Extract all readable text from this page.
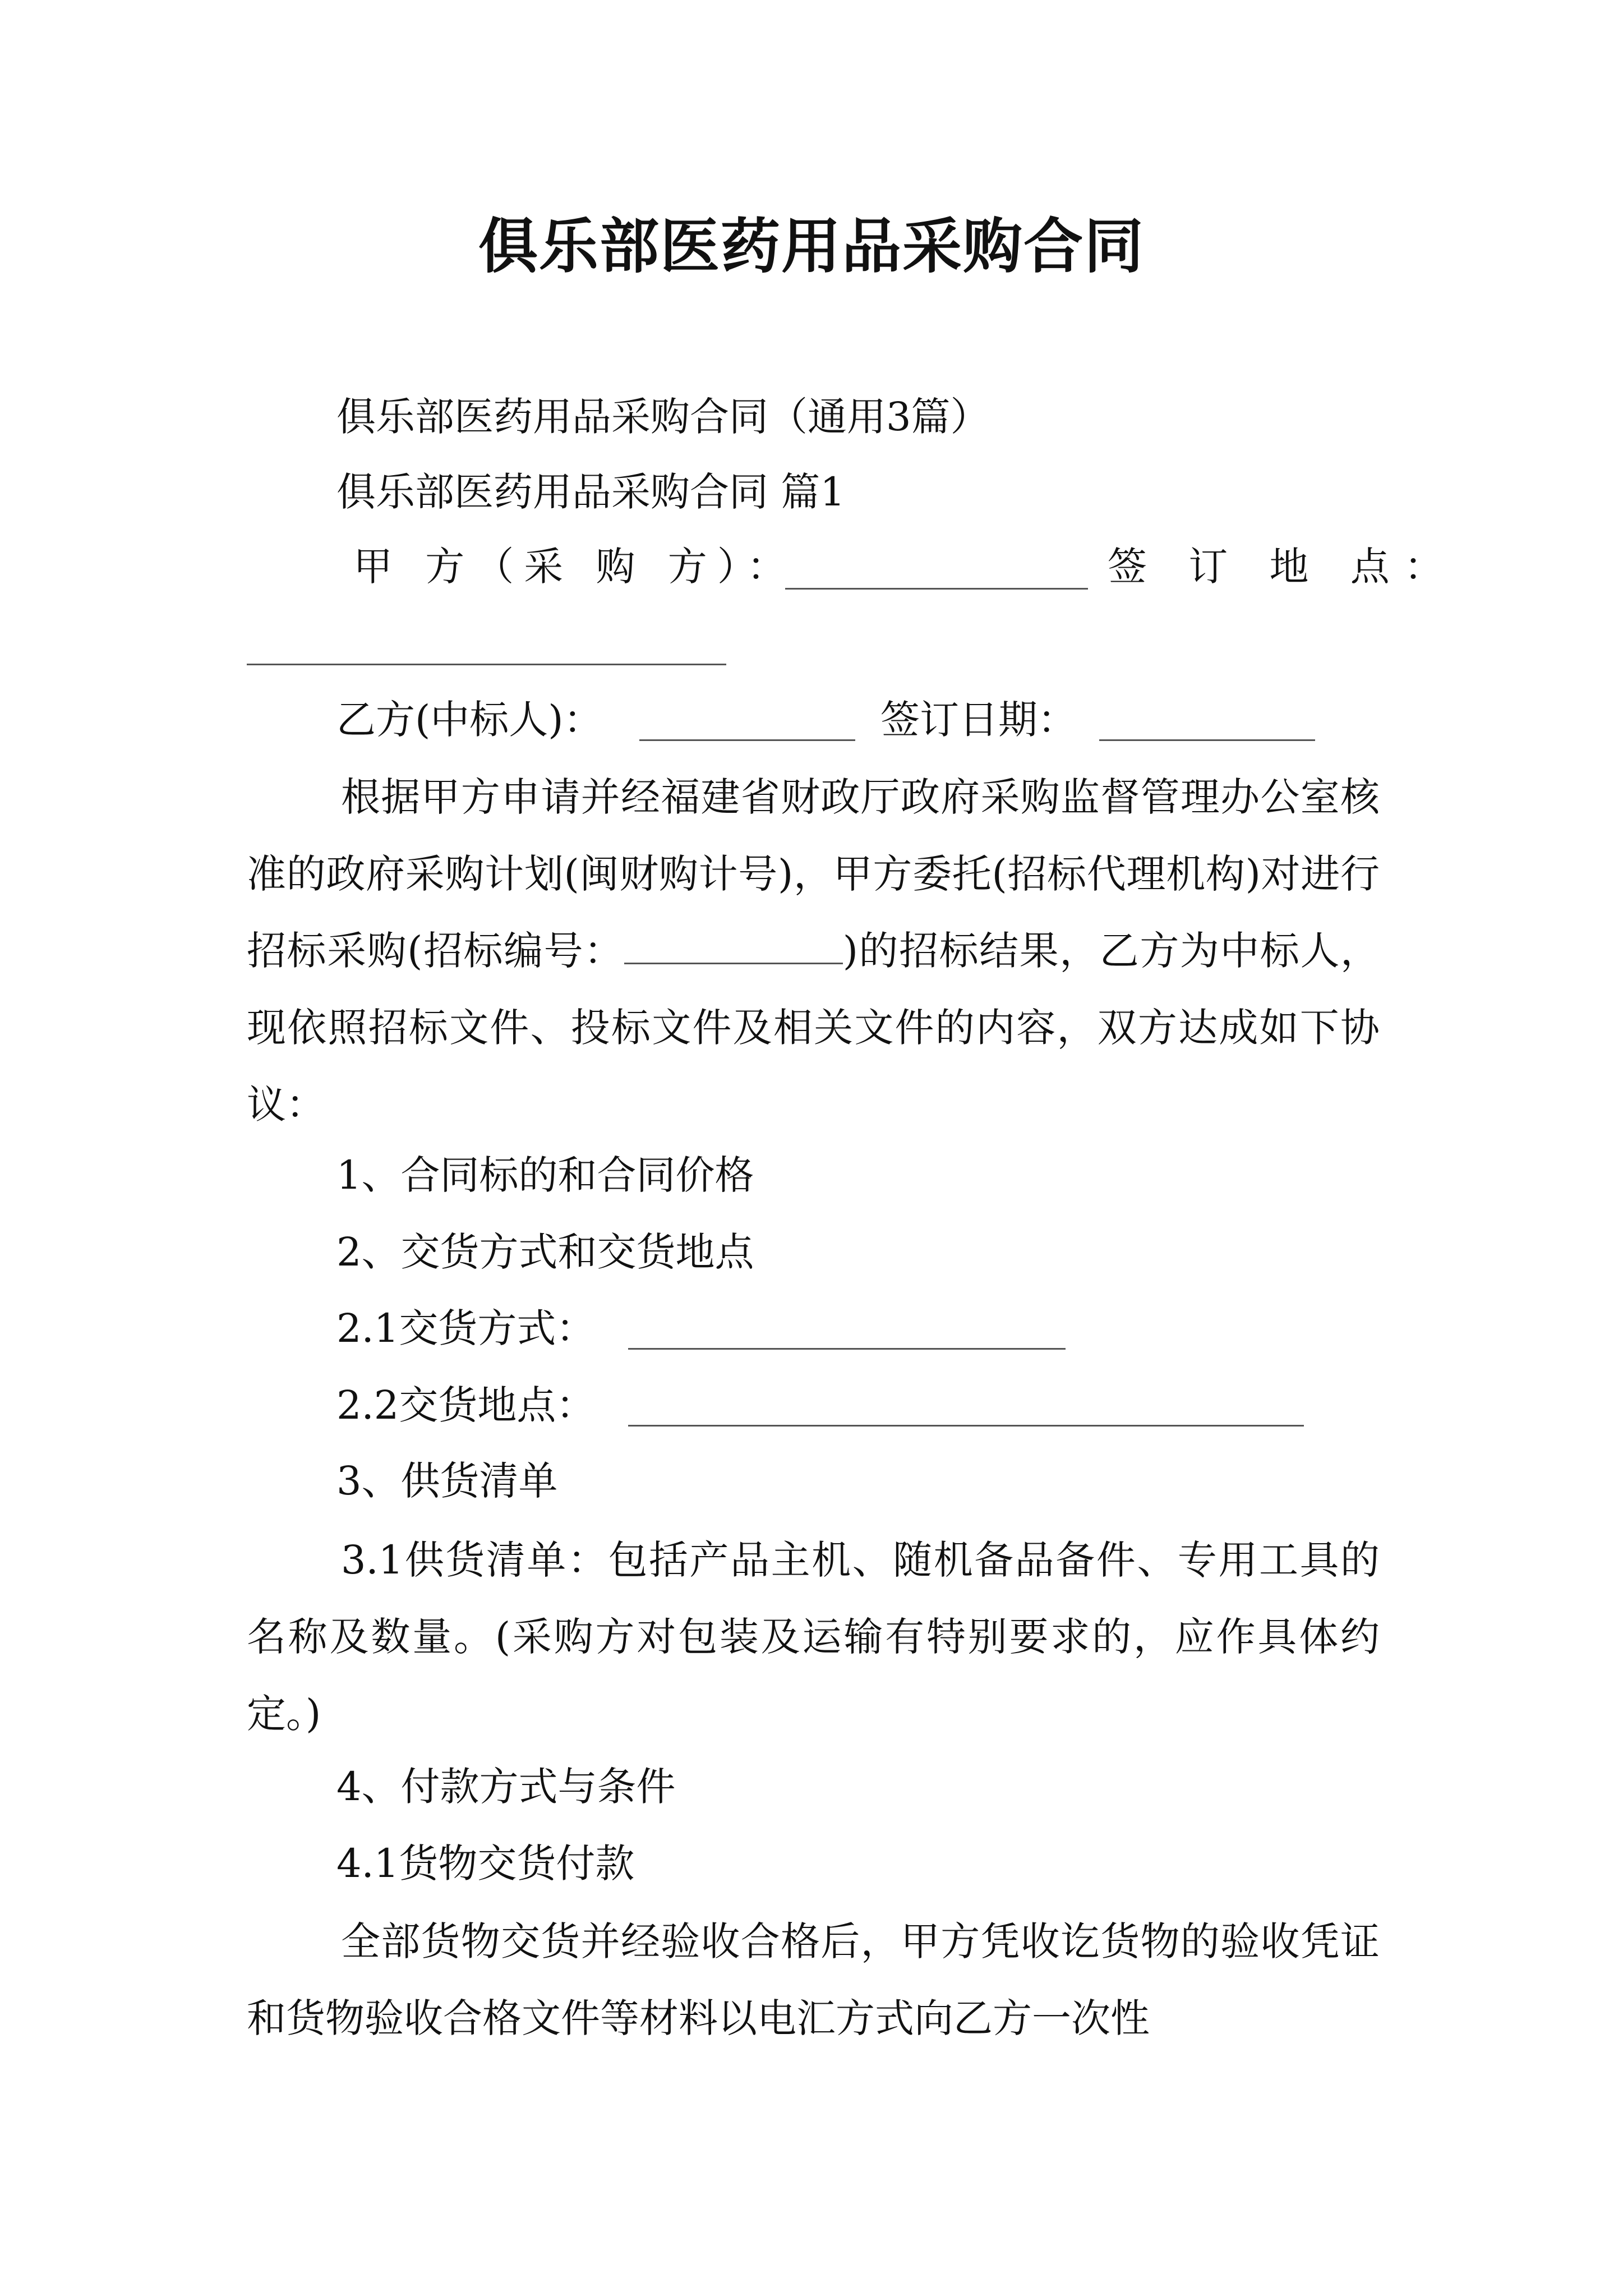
俱乐部医药用品采购合同
俱乐部医药用品采购合同（通用3篇）
俱乐部医药用品采购合同 篇1
甲 方（采 购 方）：	签 订 地 点：
乙方(中标人)：	签订日期：
根据甲方申请并经福建省财政厅政府采购监督管理办公室核准的政府采购计划(闽财购计号)，甲方委托(招标代理机构)对进行招标采购(招标编号：	)的招标结果，乙方为中标人，现依照招标文件、投标文件及相关文件的内容，双方达成如下协议：
1、合同标的和合同价格
2、交货方式和交货地点
2.1交货方式：
2.2交货地点：
3、供货清单
3.1供货清单：包括产品主机、随机备品备件、专用工具的名称及数量。(采购方对包装及运输有特别要求的，应作具体约定。)
4、付款方式与条件
4.1货物交货付款
全部货物交货并经验收合格后，甲方凭收讫货物的验收凭证和货物验收合格文件等材料以电汇方式向乙方一次性
